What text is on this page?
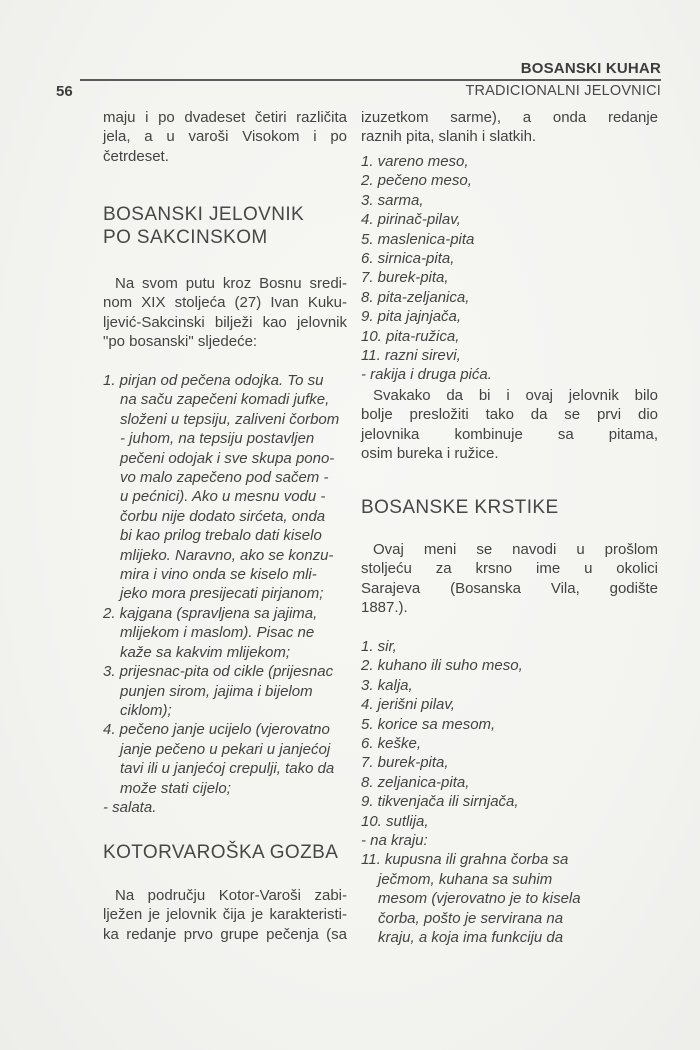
BOSANSKI KUHAR
56	TRADICIONALNI JELOVNICI
maju i po dvadeset četiri različita
jela, a u varoši Visokom i po
četrdeset.
BOSANSKI JELOVNIK
PO SAKCINSKOM
Na svom putu kroz Bosnu sredi-
nom XIX stoljeća (27) Ivan Kuku-
ljević-Sakcinski bilježi kao jelovnik
"po bosanski" sljedeće:
1. pirjan od pečena odojka. To su
na saču zapečeni komadi jufke,
složeni u tepsiju, zaliveni čorbom
- juhom, na tepsiju postavljen
pečeni odojak i sve skupa pono-
vo malo zapečeno pod sačem -
u pećnici). Ako u mesnu vodu -
čorbu nije dodato sirćeta, onda
bi kao prilog trebalo dati kiselo
mlijeko. Naravno, ako se konzu-
mira i vino onda se kiselo mli-
jeko mora presijecati pirjanom;
2. kajgana (spravljena sa jajima,
mlijekom i maslom). Pisac ne
kaže sa kakvim mlijekom;
3. prijesnac-pita od cikle (prijesnac
punjen sirom, jajima i bijelom
ciklom);
4. pečeno janje ucijelo (vjerovatno
janje pečeno u pekari u janjećoj
tavi ili u janjećoj crepulji, tako da
može stati cijelo;
- salata.
KOTORVAROŠKA GOZBA
Na području Kotor-Varoši zabi-
lježen je jelovnik čija je karakteristi-
ka redanje prvo grupe pečenja (sa
izuzetkom sarme), a onda redanje
raznih pita, slanih i slatkih.
1. vareno meso,
2. pečeno meso,
3. sarma,
4. pirinač-pilav,
5. maslenica-pita
6. sirnica-pita,
7. burek-pita,
8. pita-zeljanica,
9. pita jajnjača,
10. pita-ružica,
11. razni sirevi,
- rakija i druga pića.
Svakako da bi i ovaj jelovnik bilo
bolje presložiti tako da se prvi dio
jelovnika kombinuje sa pitama,
osim bureka i ružice.
BOSANSKE KRSTIKE
Ovaj meni se navodi u prošlom
stoljeću za krsno ime u okolici
Sarajeva (Bosanska Vila, godište
1887.).
1. sir,
2. kuhano ili suho meso,
3. kalja,
4. jerišni pilav,
5. korice sa mesom,
6. keške,
7. burek-pita,
8. zeljanica-pita,
9. tikvenjača ili sirnjača,
10. sutlija,
- na kraju:
11. kupusna ili grahna čorba sa
ječmom, kuhana sa suhim
mesom (vjerovatno je to kisela
čorba, pošto je servirana na
kraju, a koja ima funkciju da
